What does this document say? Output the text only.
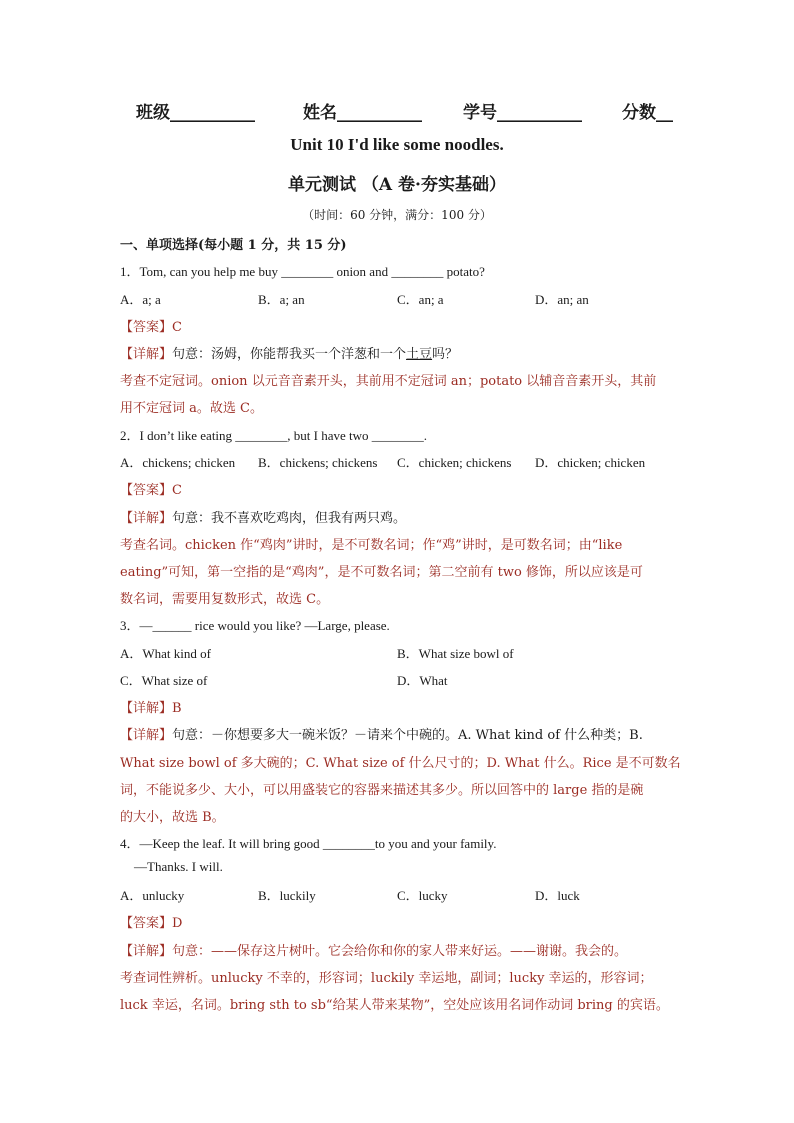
班级__________	姓名__________ 学号__________ 分数__
Unit 10 I'd like some noodles.
单元测试 （A 卷·夯实基础）
（时间：60 分钟，满分：100 分）
一、单项选择(每小题 1 分，共 15 分)
1．Tom, can you help me buy ________ onion and ________ potato?
A．a; a	B．a; an	C．an; a	D．an; an
【答案】C
【详解】句意：汤姆，你能帮我买一个洋葱和一个土豆吗？
考查不定冠词。onion 以元音音素开头，其前用不定冠词 an；potato 以辅音音素开头，其前
用不定冠词 a。故选 C。
2．I don’t like eating ________, but I have two ________.
A．chickens; chicken B．chickens; chickens C．chicken; chickens D．chicken; chicken
【答案】C
【详解】句意：我不喜欢吃鸡肉，但我有两只鸡。
考查名词。chicken 作“鸡肉”讲时，是不可数名词；作“鸡”讲时，是可数名词；由“like
eating”可知，第一空指的是“鸡肉”，是不可数名词；第二空前有 two 修饰，所以应该是可
数名词，需要用复数形式，故选 C。
3．—______ rice would you like? —Large, please.
A．What kind of	B．What size bowl of
C．What size of	D．What
【详解】B
【详解】句意：－你想要多大一碗米饭？－请来个中碗的。A. What kind of 什么种类；B.
What size bowl of 多大碗的；C. What size of 什么尺寸的；D. What 什么。Rice 是不可数名
词，不能说多少、大小，可以用盛装它的容器来描述其多少。所以回答中的 large 指的是碗
的大小，故选 B。
4．—Keep the leaf. It will bring good ________to you and your family.
—Thanks. I will.
A．unlucky	B．luckily	C．lucky	D．luck
【答案】D
【详解】句意：——保存这片树叶。它会给你和你的家人带来好运。——谢谢。我会的。
考查词性辨析。unlucky 不幸的，形容词；luckily 幸运地，副词；lucky 幸运的，形容词；
luck 幸运，名词。bring sth to sb“给某人带来某物”，空处应该用名词作动词 bring 的宾语。
